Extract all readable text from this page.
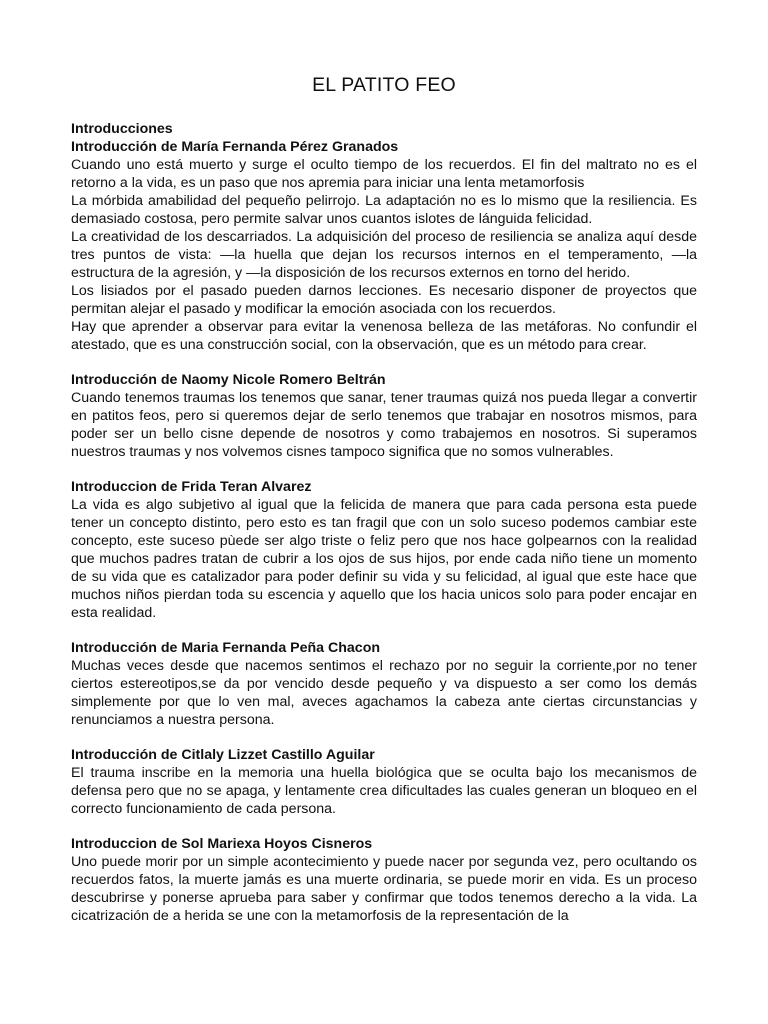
EL PATITO FEO

Introducciones

Introducción de María Fernanda Pérez Granados

Cuando uno está muerto y surge el oculto tiempo de los recuerdos. El fin del maltrato no es el retorno a la vida, es un paso que nos apremia para iniciar una lenta metamorfosis

La mórbida amabilidad del pequeño pelirrojo. La adaptación no es lo mismo que la resiliencia. Es demasiado costosa, pero permite salvar unos cuantos islotes de lánguida felicidad.

La creatividad de los descarriados. La adquisición del proceso de resiliencia se analiza aquí desde tres puntos de vista: —la huella que dejan los recursos internos en el temperamento, —la estructura de la agresión, y —la disposición de los recursos externos en torno del herido.

Los lisiados por el pasado pueden darnos lecciones. Es necesario disponer de proyectos que permitan alejar el pasado y modificar la emoción asociada con los recuerdos.

Hay que aprender a observar para evitar la venenosa belleza de las metáforas. No confundir el atestado, que es una construcción social, con la observación, que es un método para crear.

Introducción de Naomy Nicole Romero Beltrán

Cuando tenemos traumas los tenemos que sanar, tener traumas quizá nos pueda llegar a convertir en patitos feos, pero si queremos dejar de serlo tenemos que trabajar en nosotros mismos, para poder ser un bello cisne depende de nosotros y como trabajemos en nosotros. Si superamos nuestros traumas y nos volvemos cisnes tampoco significa que no somos vulnerables.

Introduccion de Frida Teran Alvarez

La vida es algo subjetivo al igual que la felicida de manera que para cada persona esta puede tener un concepto distinto, pero esto es tan fragil que con un solo suceso podemos cambiar este concepto, este suceso pùede ser algo triste o feliz pero que nos hace golpearnos con la realidad que muchos padres tratan de cubrir a los ojos de sus hijos, por ende cada niño tiene un momento de su vida que es catalizador para poder definir su vida y su felicidad, al igual que este hace que muchos niños pierdan toda su escencia y aquello que los hacia unicos solo para poder encajar en esta realidad.

Introducción de Maria Fernanda Peña Chacon

Muchas veces desde que nacemos sentimos el rechazo por no seguir la corriente,por no tener ciertos estereotipos,se da por vencido desde pequeño y va dispuesto a ser como los demás simplemente por que lo ven mal, aveces agachamos la cabeza ante ciertas circunstancias y renunciamos a nuestra persona.

Introducción de Citlaly Lizzet Castillo Aguilar

El trauma inscribe en la memoria una huella biológica que se oculta bajo los mecanismos de defensa pero que no se apaga, y lentamente crea dificultades las cuales generan un bloqueo en el correcto funcionamiento de cada persona.

Introduccion de Sol Mariexa Hoyos Cisneros

Uno puede morir por un simple acontecimiento y puede nacer por segunda vez, pero ocultando os recuerdos fatos, la muerte jamás es una muerte ordinaria, se puede morir en vida. Es un proceso descubrirse y ponerse aprueba para saber y confirmar que todos tenemos derecho a la vida. La cicatrización de a herida se une con la metamorfosis de la representación de la
